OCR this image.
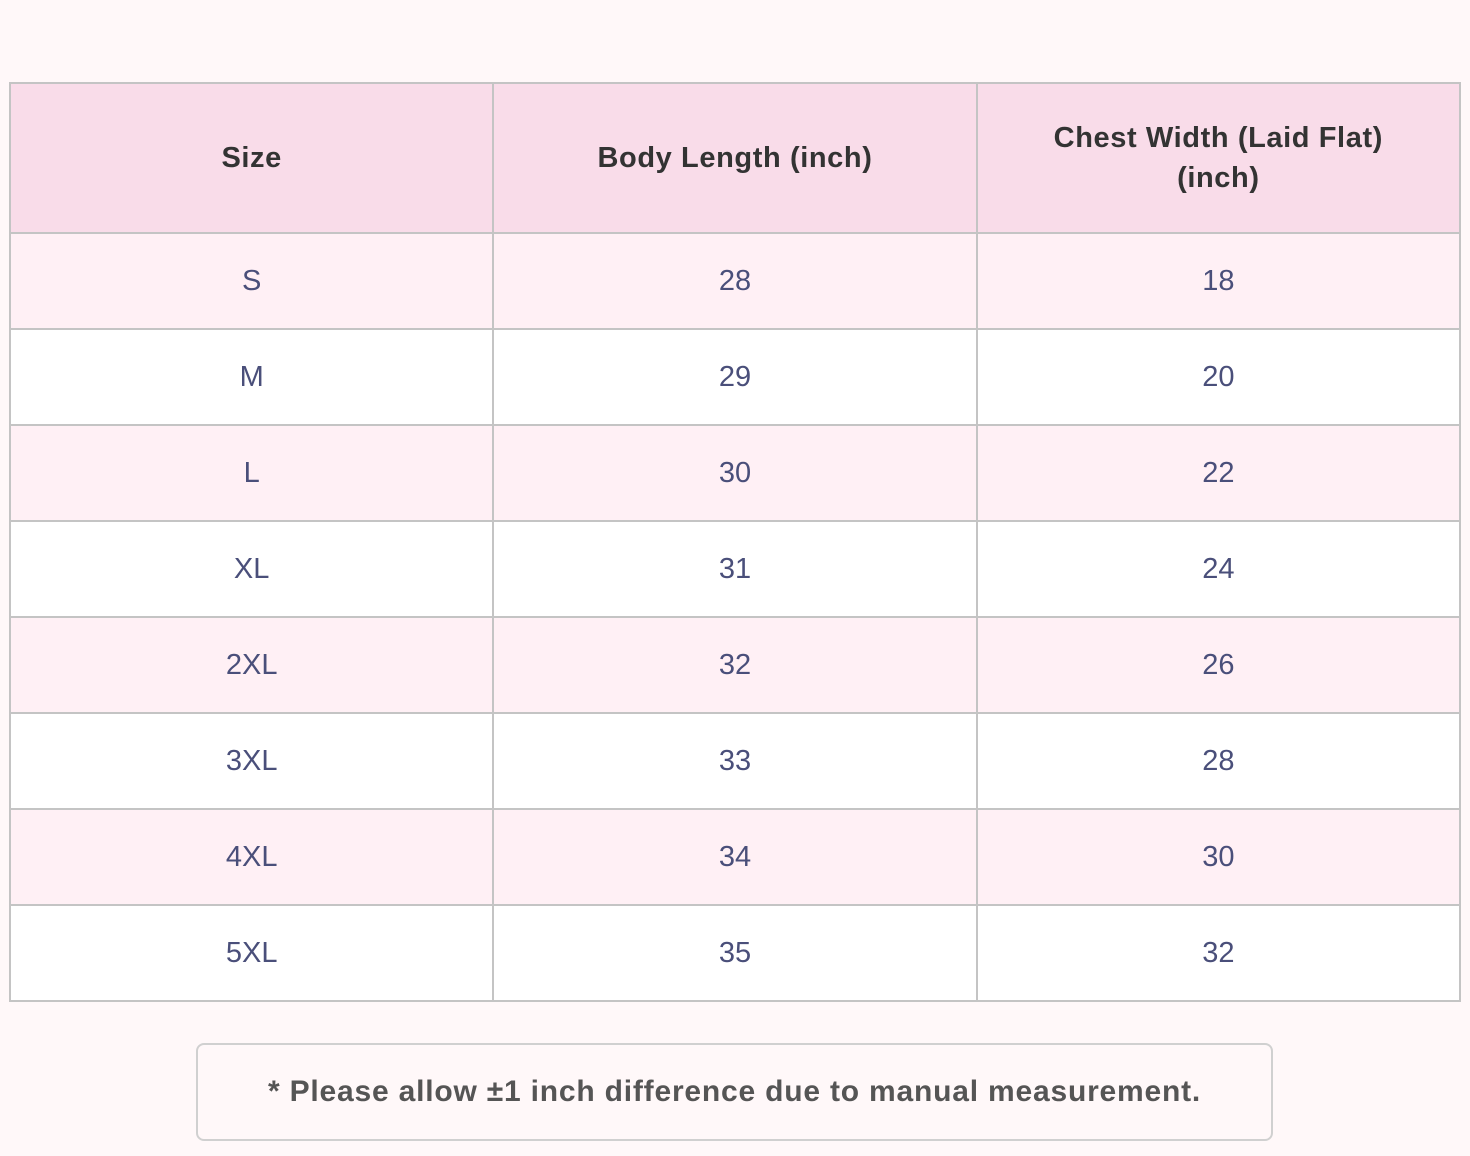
Size	Body Length (inch)	Chest Width (Laid Flat)
(inch)
S	28	18
M	29	20
L	30	22
XL	31	24
2XL	32	26
3XL	33	28
4XL	34	30
5XL	35	32
* Please allow ±1 inch difference due to manual measurement.
